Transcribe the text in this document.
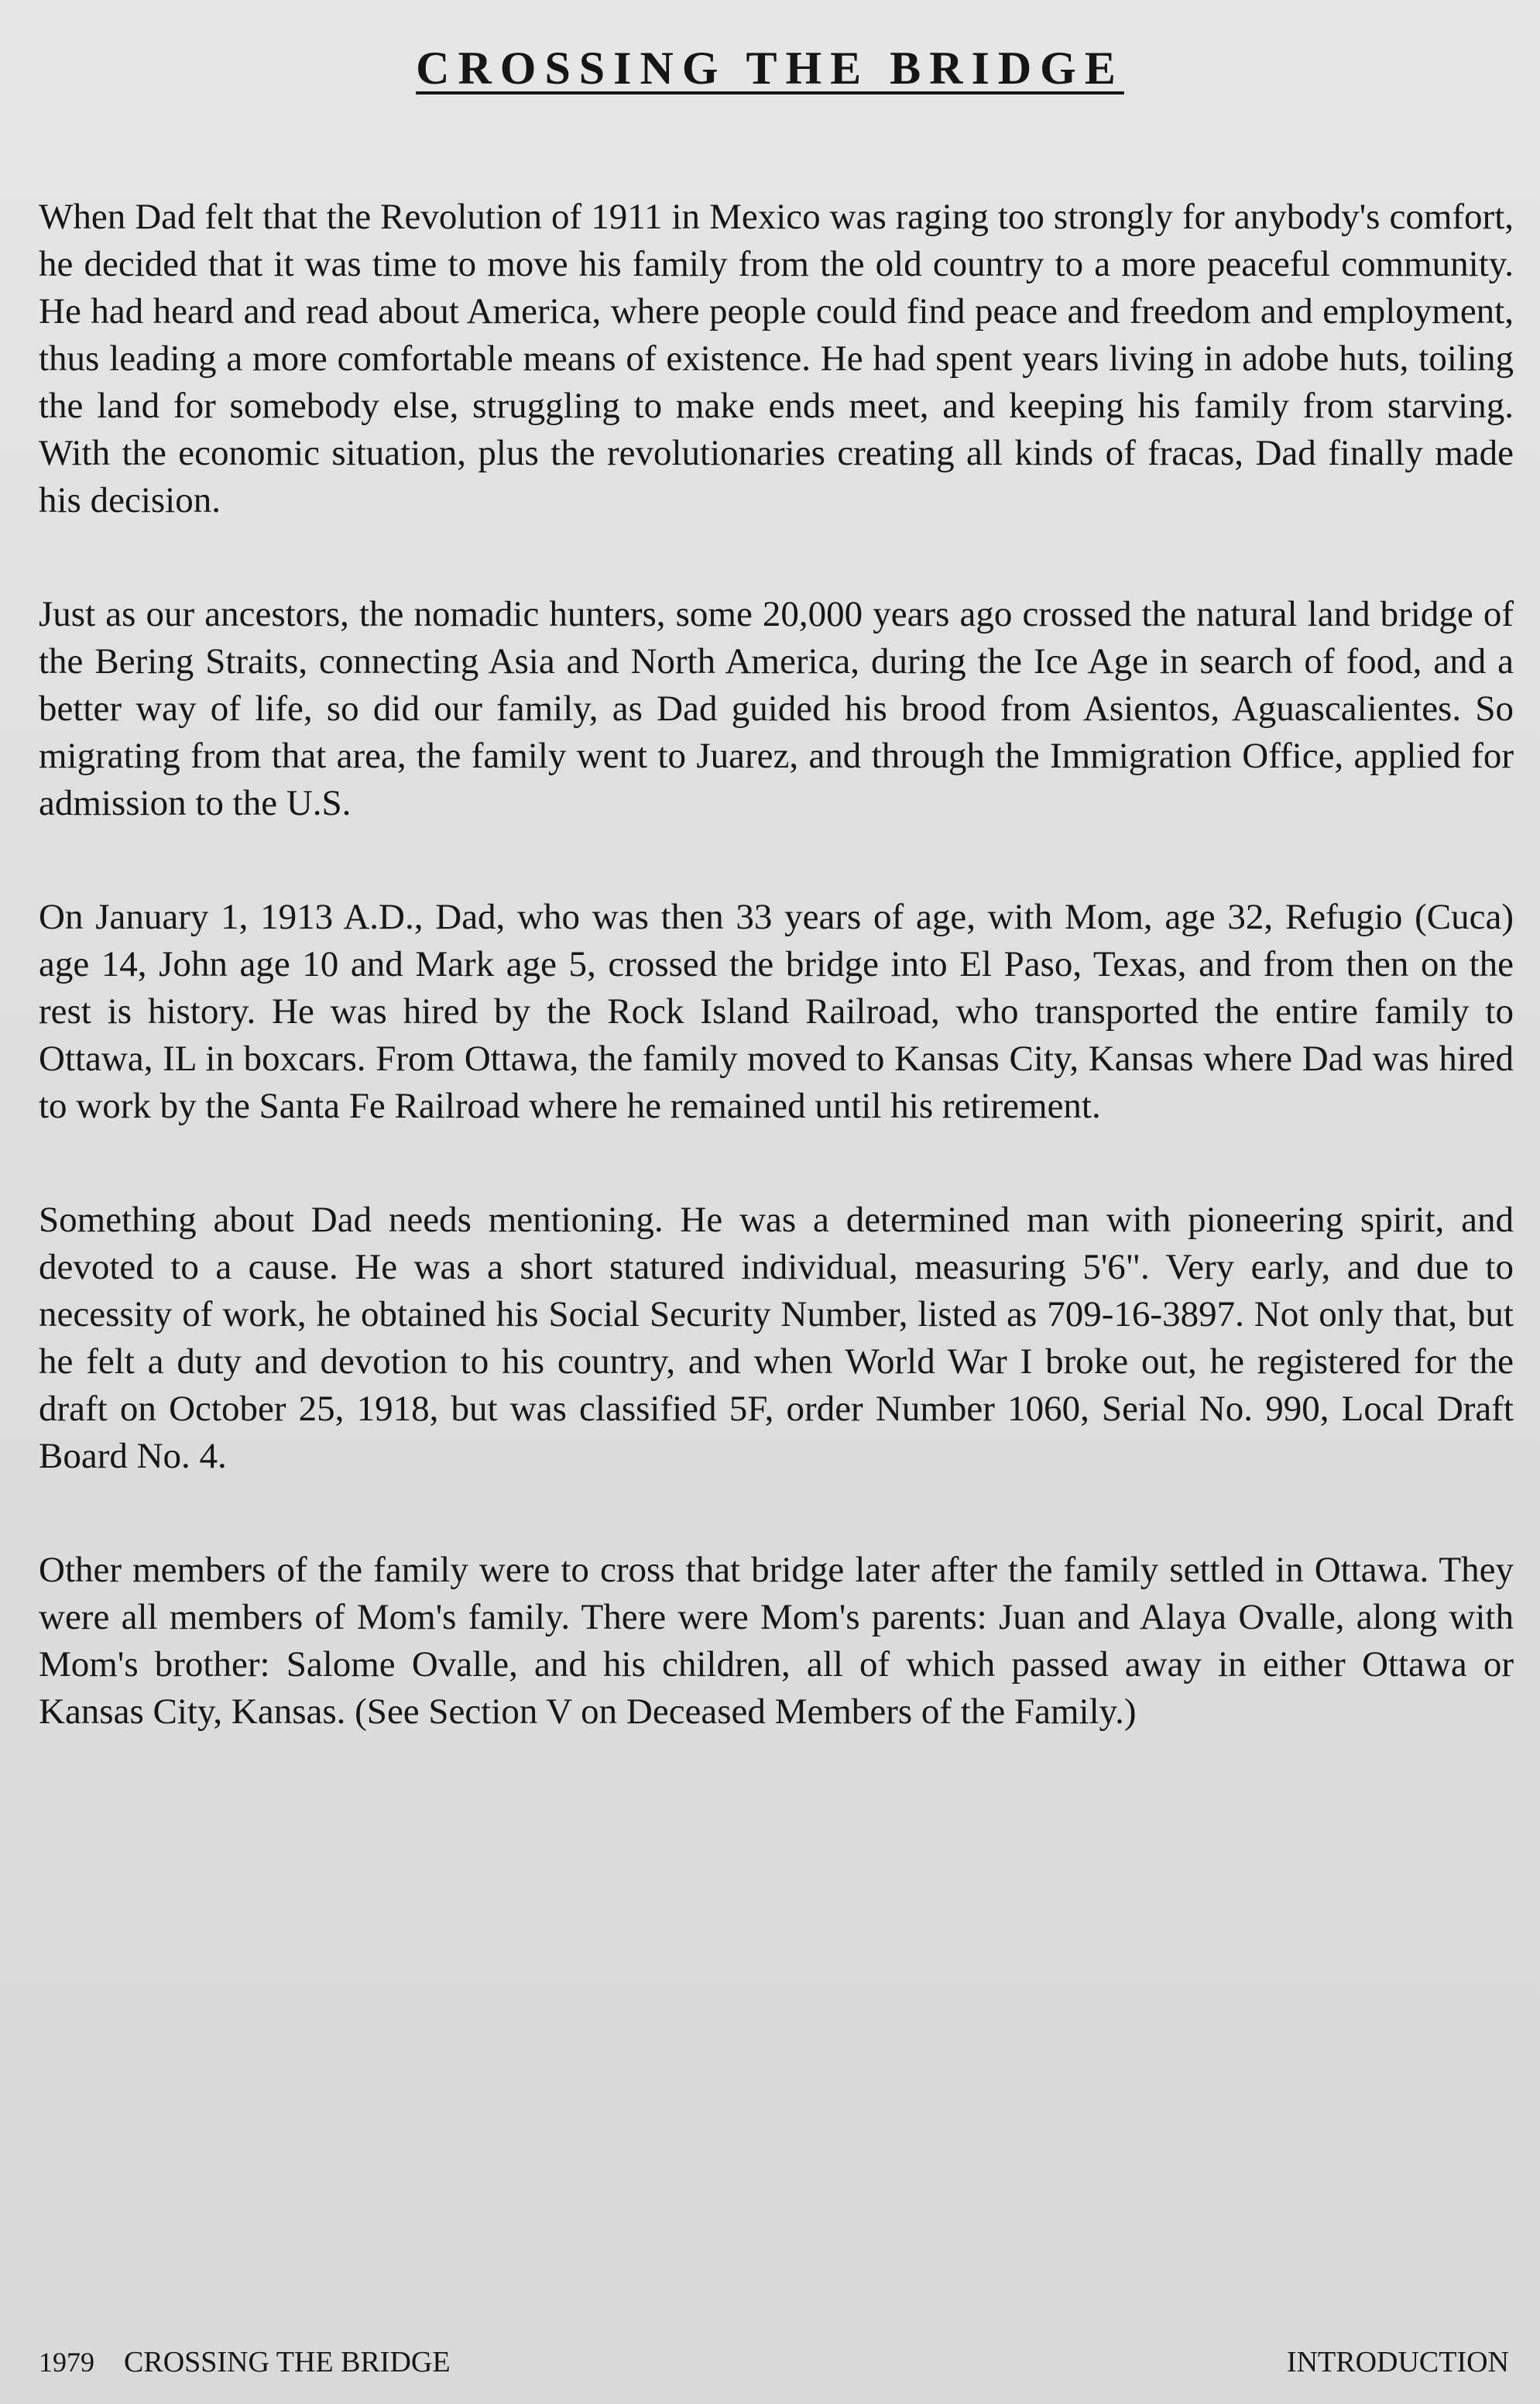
CROSSING THE BRIDGE

When Dad felt that the Revolution of 1911 in Mexico was raging too strongly for anybody's comfort, he decided that it was time to move his family from the old country to a more peaceful community. He had heard and read about America, where people could find peace and freedom and employment, thus leading a more comfortable means of existence. He had spent years living in adobe huts, toiling the land for somebody else, struggling to make ends meet, and keeping his family from starving. With the economic situation, plus the revolutionaries creating all kinds of fracas, Dad finally made his decision.

Just as our ancestors, the nomadic hunters, some 20,000 years ago crossed the natural land bridge of the Bering Straits, connecting Asia and North America, during the Ice Age in search of food, and a better way of life, so did our family, as Dad guided his brood from Asientos, Aguascalientes. So migrating from that area, the family went to Juarez, and through the Immigration Office, applied for admission to the U.S.

On January 1, 1913 A.D., Dad, who was then 33 years of age, with Mom, age 32, Refugio (Cuca) age 14, John age 10 and Mark age 5, crossed the bridge into El Paso, Texas, and from then on the rest is history. He was hired by the Rock Island Railroad, who transported the entire family to Ottawa, IL in boxcars. From Ottawa, the family moved to Kansas City, Kansas where Dad was hired to work by the Santa Fe Railroad where he remained until his retirement.

Something about Dad needs mentioning. He was a determined man with pioneering spirit, and devoted to a cause. He was a short statured individual, measuring 5'6". Very early, and due to necessity of work, he obtained his Social Security Number, listed as 709-16-3897. Not only that, but he felt a duty and devotion to his country, and when World War I broke out, he registered for the draft on October 25, 1918, but was classified 5F, order Number 1060, Serial No. 990, Local Draft Board No. 4.

Other members of the family were to cross that bridge later after the family settled in Ottawa. They were all members of Mom's family. There were Mom's parents: Juan and Alaya Ovalle, along with Mom's brother: Salome Ovalle, and his children, all of which passed away in either Ottawa or Kansas City, Kansas. (See Section V on Deceased Members of the Family.)

1979 CROSSING THE BRIDGE	INTRODUCTION
